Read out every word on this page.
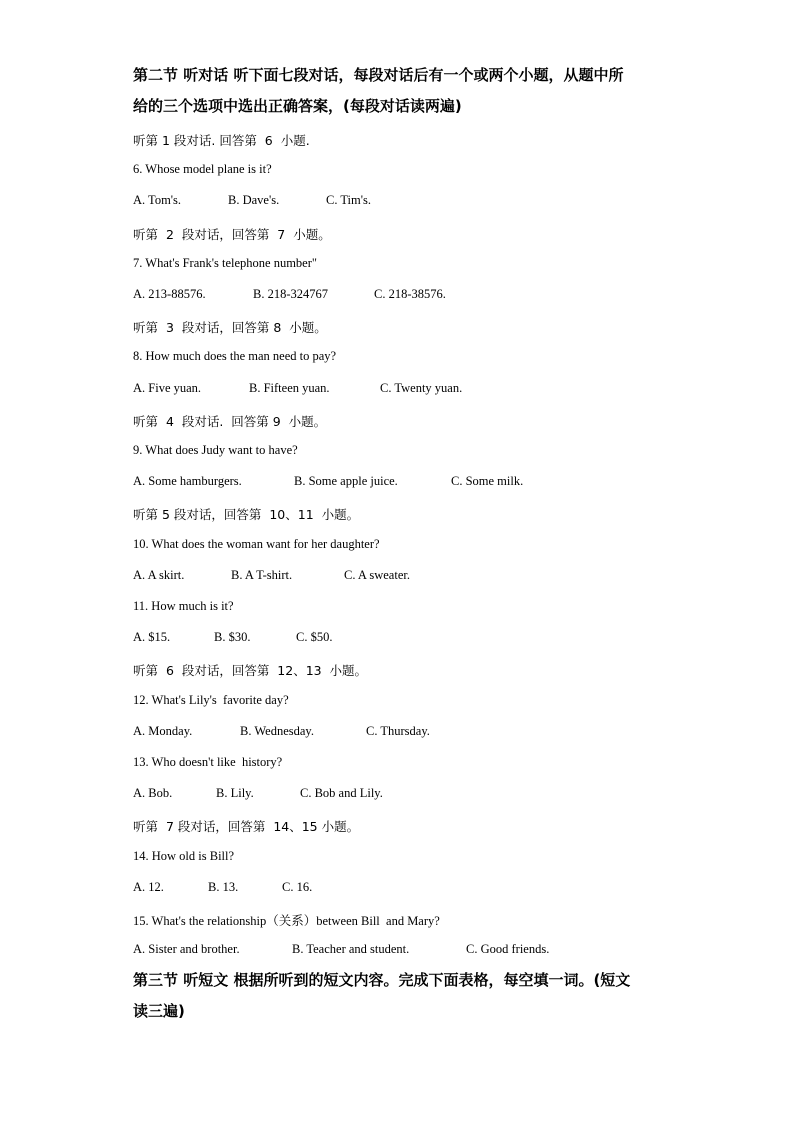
第二节 听对话 听下面七段对话，每段对话后有一个或两个小题，从题中所
给的三个选项中选出正确答案，(每段对话读两遍)
听第 1 段对话. 回答第  6  小题.
6. Whose model plane is it?
A. Tom's.	B. Dave's.	C. Tim's.
听第  2  段对话，回答第  7  小题。
7. What's Frank's telephone number"
A. 213-88576.	B. 218-324767	C. 218-38576.
听第  3  段对话，回答第 8  小题。
8. How much does the man need to pay?
A. Five yuan.	B. Fifteen yuan.	C. Twenty yuan.
听第  4  段对话.  回答第 9  小题。
9. What does Judy want to have?
A. Some hamburgers.	B. Some apple juice.	C. Some milk.
听第 5 段对话，回答第  10、11  小题。
10. What does the woman want for her daughter?
A. A skirt.	B. A T-shirt.	C. A sweater.
11. How much is it?
A. $15.	B. $30.	C. $50.
听第  6  段对话，回答第  12、13  小题。
12. What's Lily's  favorite day?
A. Monday.	B. Wednesday.	C. Thursday.
13. Who doesn't like  history?
A. Bob.	B. Lily.	C. Bob and Lily.
听第  7 段对话，回答第  14、15 小题。
14. How old is Bill?
A. 12.	B. 13.	C. 16.
15. What's the relationship（关系）between Bill  and Mary?
A. Sister and brother.	B. Teacher and student.	C. Good friends.
第三节 听短文 根据所听到的短文内容。完成下面表格，每空填一词。(短文
读三遍)
